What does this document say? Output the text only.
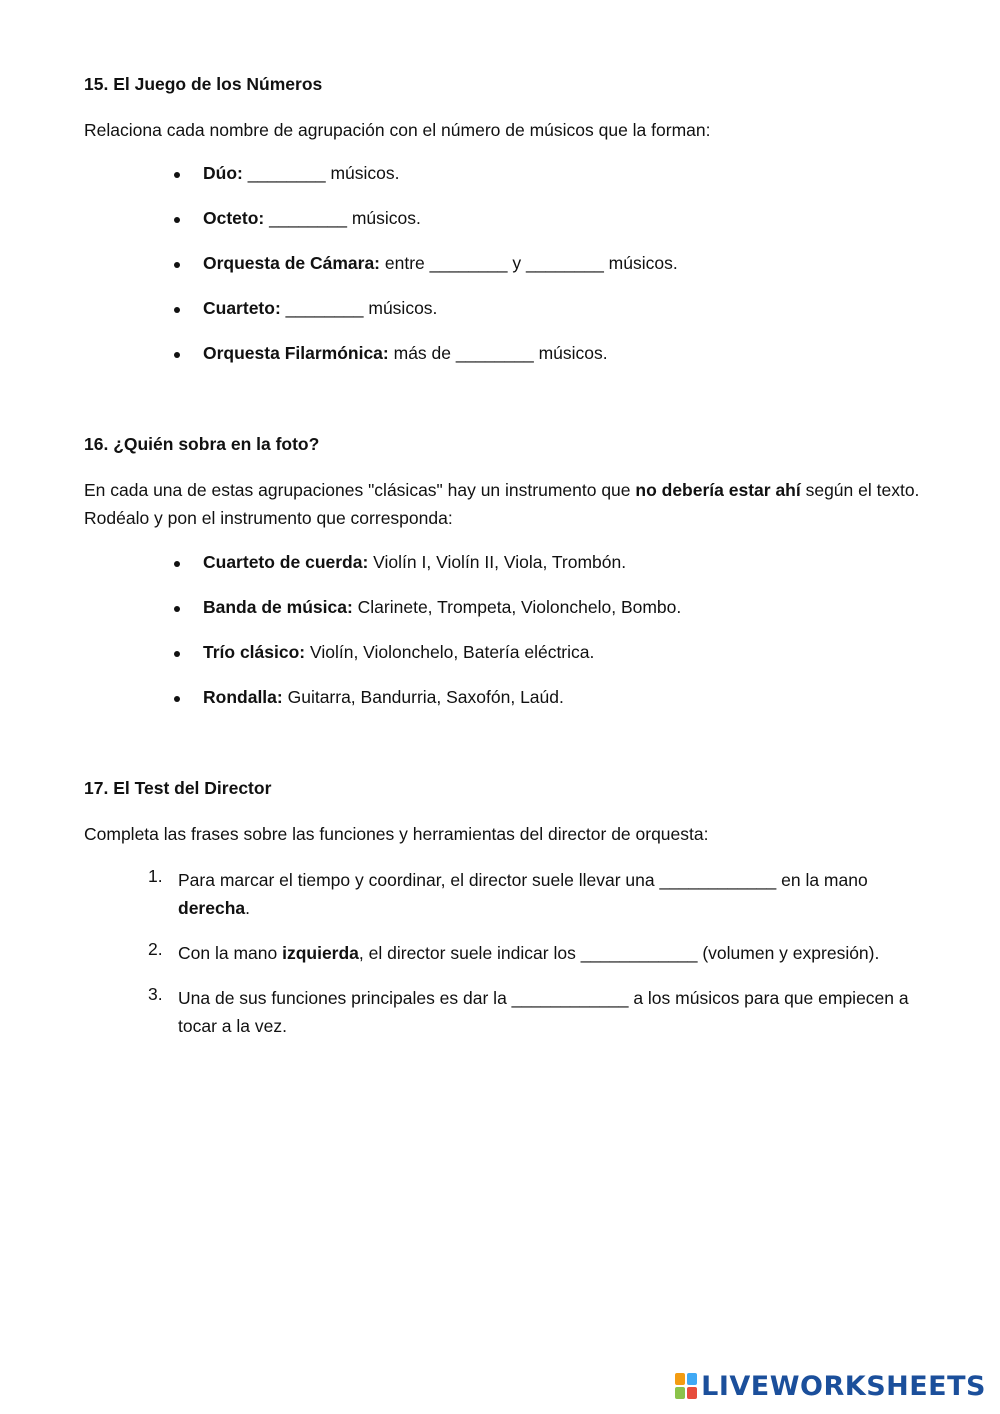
15. El Juego de los Números
Relaciona cada nombre de agrupación con el número de músicos que la forman:
Dúo: ________ músicos.
Octeto: ________ músicos.
Orquesta de Cámara: entre ________ y ________ músicos.
Cuarteto: ________ músicos.
Orquesta Filarmónica: más de ________ músicos.
16. ¿Quién sobra en la foto?
En cada una de estas agrupaciones "clásicas" hay un instrumento que no debería estar ahí según el texto. Rodéalo y pon el instrumento que corresponda:
Cuarteto de cuerda: Violín I, Violín II, Viola, Trombón.
Banda de música: Clarinete, Trompeta, Violonchelo, Bombo.
Trío clásico: Violín, Violonchelo, Batería eléctrica.
Rondalla: Guitarra, Bandurria, Saxofón, Laúd.
17. El Test del Director
Completa las frases sobre las funciones y herramientas del director de orquesta:
1. Para marcar el tiempo y coordinar, el director suele llevar una ____________ en la mano derecha.
2. Con la mano izquierda, el director suele indicar los ____________ (volumen y expresión).
3. Una de sus funciones principales es dar la ____________ a los músicos para que empiecen a tocar a la vez.
LIVEWORKSHEETS
